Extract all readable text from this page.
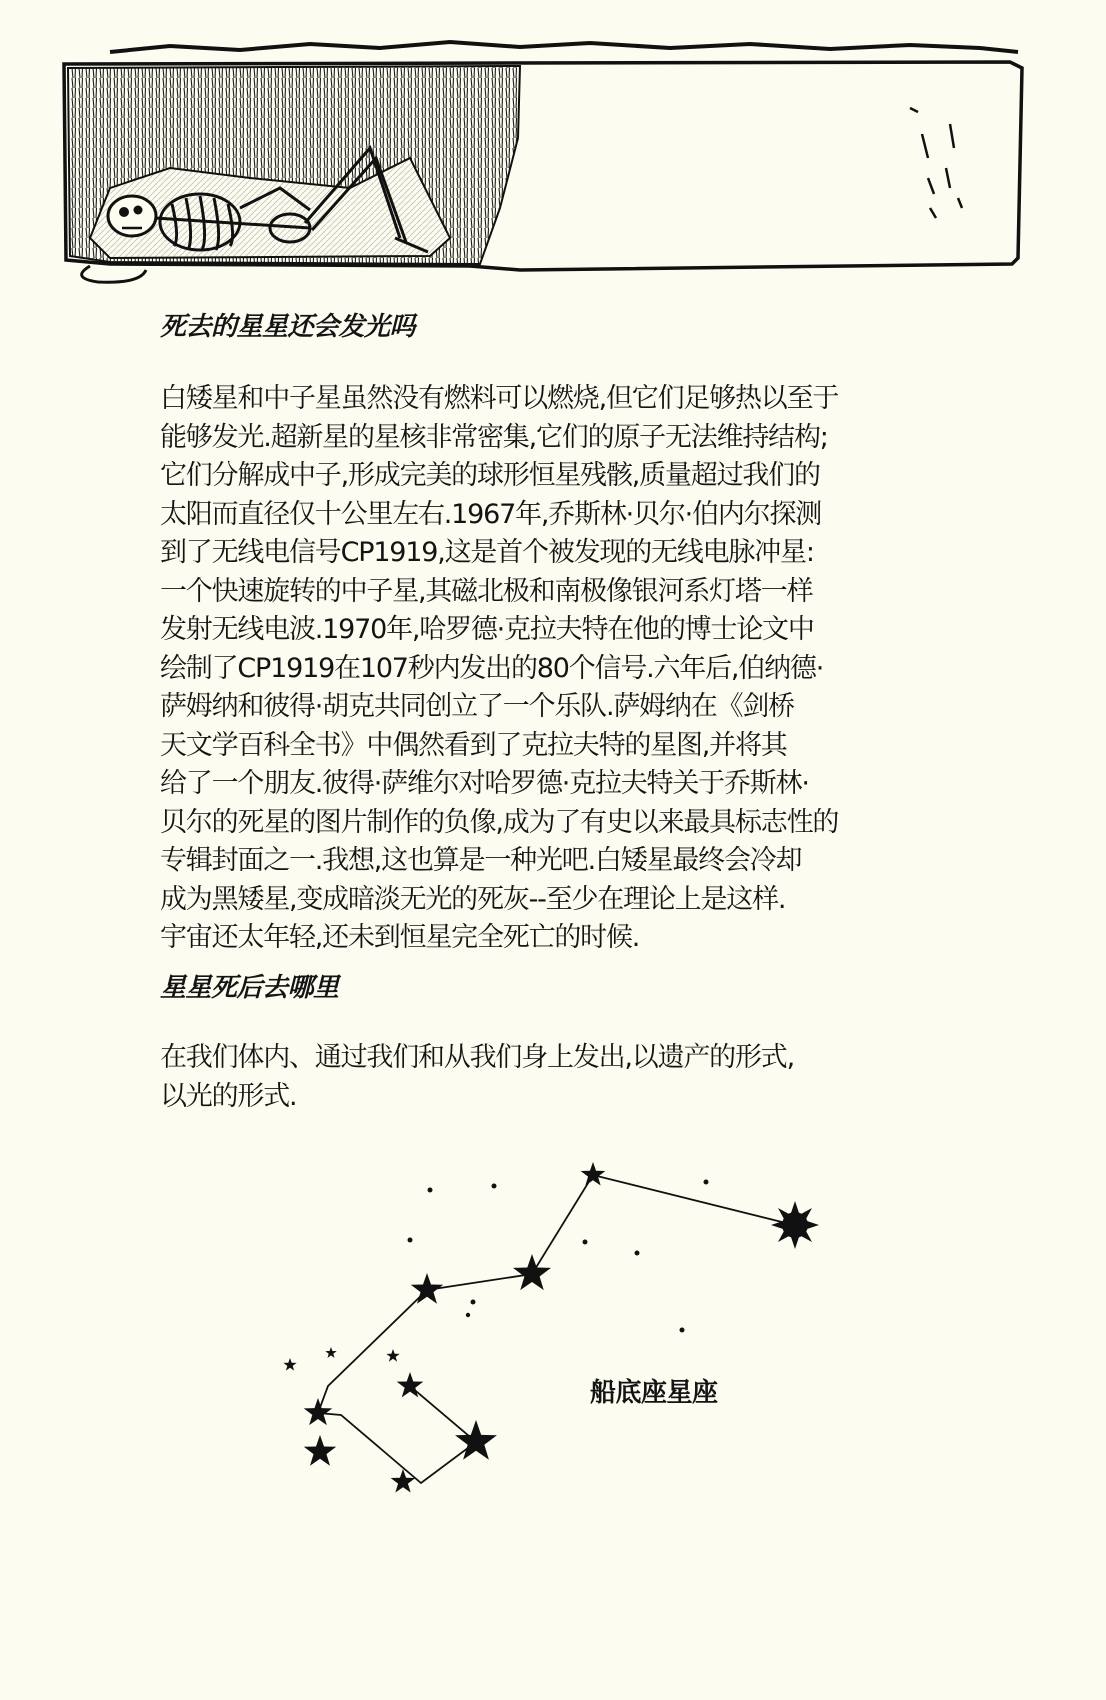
死去的星星还会发光吗
白矮星和中子星虽然没有燃料可以燃烧,但它们足够热以至于
能够发光.超新星的星核非常密集,它们的原子无法维持结构;
它们分解成中子,形成完美的球形恒星残骸,质量超过我们的
太阳而直径仅十公里左右.1967年,乔斯林·贝尔·伯内尔探测
到了无线电信号CP1919,这是首个被发现的无线电脉冲星:
一个快速旋转的中子星,其磁北极和南极像银河系灯塔一样
发射无线电波.1970年,哈罗德·克拉夫特在他的博士论文中
绘制了CP1919在107秒内发出的80个信号.六年后,伯纳德·
萨姆纳和彼得·胡克共同创立了一个乐队.萨姆纳在《剑桥
天文学百科全书》中偶然看到了克拉夫特的星图,并将其
给了一个朋友.彼得·萨维尔对哈罗德·克拉夫特关于乔斯林·
贝尔的死星的图片制作的负像,成为了有史以来最具标志性的
专辑封面之一.我想,这也算是一种光吧.白矮星最终会冷却
成为黑矮星,变成暗淡无光的死灰--至少在理论上是这样.
宇宙还太年轻,还未到恒星完全死亡的时候.
星星死后去哪里
在我们体内、通过我们和从我们身上发出,以遗产的形式,
以光的形式.

船底座星座
